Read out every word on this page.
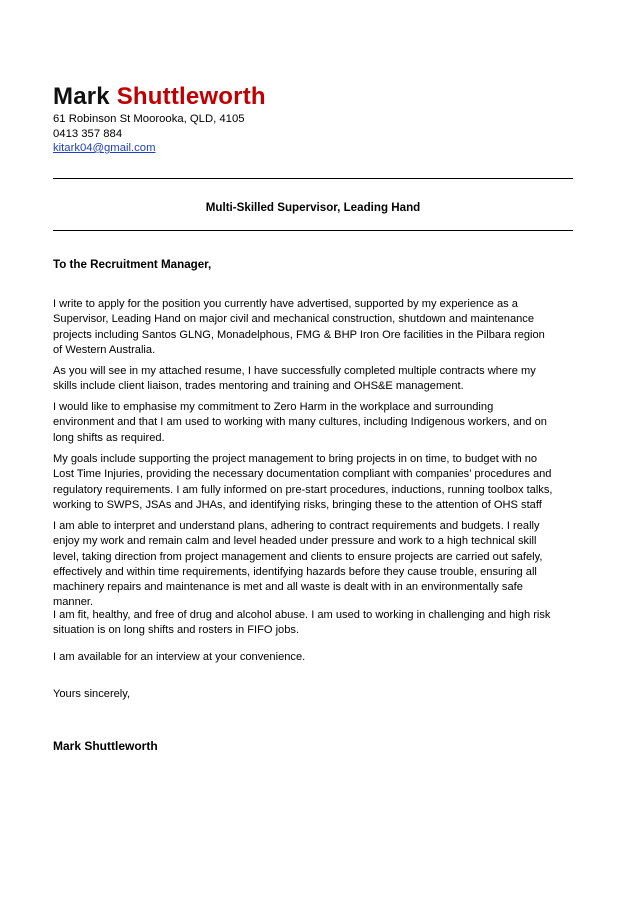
Mark Shuttleworth
61 Robinson St Moorooka, QLD, 4105
0413 357 884
kitark04@gmail.com
Multi-Skilled Supervisor, Leading Hand
To the Recruitment Manager,
I write to apply for the position you currently have advertised, supported by my experience as a
Supervisor, Leading Hand on major civil and mechanical construction, shutdown and maintenance
projects including Santos GLNG, Monadelphous, FMG & BHP Iron Ore facilities in the Pilbara region
of Western Australia.
As you will see in my attached resume, I have successfully completed multiple contracts where my
skills include client liaison, trades mentoring and training and OHS&E management.
I would like to emphasise my commitment to Zero Harm in the workplace and surrounding
environment and that I am used to working with many cultures, including Indigenous workers, and on
long shifts as required.
My goals include supporting the project management to bring projects in on time, to budget with no
Lost Time Injuries, providing the necessary documentation compliant with companies’ procedures and
regulatory requirements. I am fully informed on pre-start procedures, inductions, running toolbox talks,
working to SWPS, JSAs and JHAs, and identifying risks, bringing these to the attention of OHS staff
I am able to interpret and understand plans, adhering to contract requirements and budgets. I really
enjoy my work and remain calm and level headed under pressure and work to a high technical skill
level, taking direction from project management and clients to ensure projects are carried out safely,
effectively and within time requirements, identifying hazards before they cause trouble, ensuring all
machinery repairs and maintenance is met and all waste is dealt with in an environmentally safe
manner.
I am fit, healthy, and free of drug and alcohol abuse. I am used to working in challenging and high risk
situation is on long shifts and rosters in FIFO jobs.
I am available for an interview at your convenience.
Yours sincerely,
Mark Shuttleworth
